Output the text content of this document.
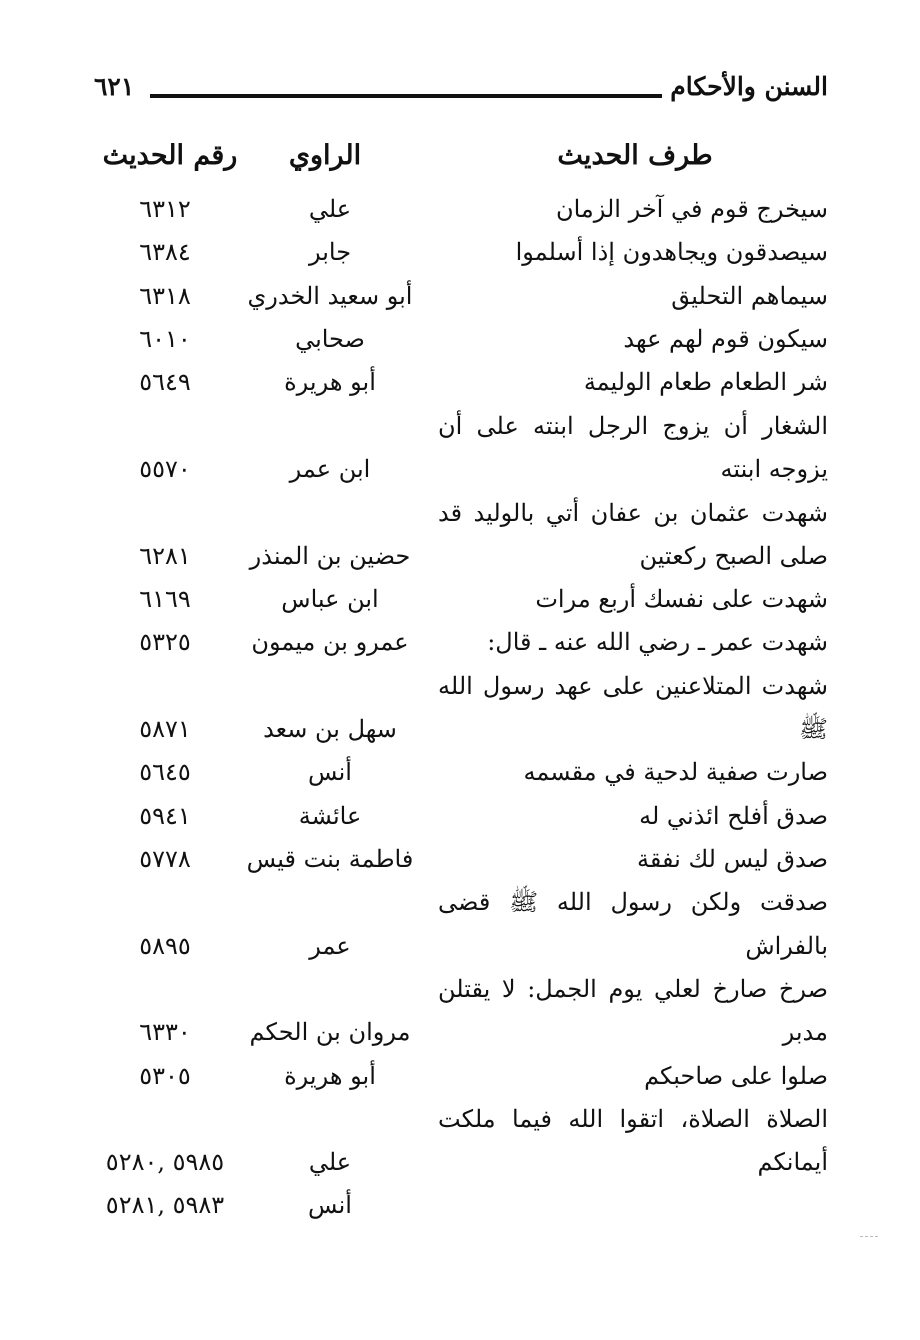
السنن والأحكام
٦٢١
طرف الحديث
الراوي
رقم الحديث
سيخرج قوم في آخر الزمان
علي
٦٣١٢
سيصدقون ويجاهدون إذا أسلموا
جابر
٦٣٨٤
سيماهم التحليق
أبو سعيد الخدري
٦٣١٨
سيكون قوم لهم عهد
صحابي
٦٠١٠
شر الطعام طعام الوليمة
أبو هريرة
٥٦٤٩
الشغار أن يزوج الرجل ابنته على أن
يزوجه ابنته
ابن عمر
٥٥٧٠
شهدت عثمان بن عفان أتي بالوليد قد
صلى الصبح ركعتين
حضين بن المنذر
٦٢٨١
شهدت على نفسك أربع مرات
ابن عباس
٦١٦٩
شهدت عمر ـ رضي الله عنه ـ قال:
عمرو بن ميمون
٥٣٢٥
شهدت المتلاعنين على عهد رسول الله
ﷺ
سهل بن سعد
٥٨٧١
صارت صفية لدحية في مقسمه
أنس
٥٦٤٥
صدق أفلح ائذني له
عائشة
٥٩٤١
صدق ليس لك نفقة
فاطمة بنت قيس
٥٧٧٨
صدقت ولكن رسول الله ﷺ قضى
بالفراش
عمر
٥٨٩٥
صرخ صارخ لعلي يوم الجمل: لا يقتلن
مدبر
مروان بن الحكم
٦٣٣٠
صلوا على صاحبكم
أبو هريرة
٥٣٠٥
الصلاة الصلاة، اتقوا الله فيما ملكت
أيمانكم
علي
٥٩٨٥ ,٥٢٨٠
أنس
٥٩٨٣ ,٥٢٨١
